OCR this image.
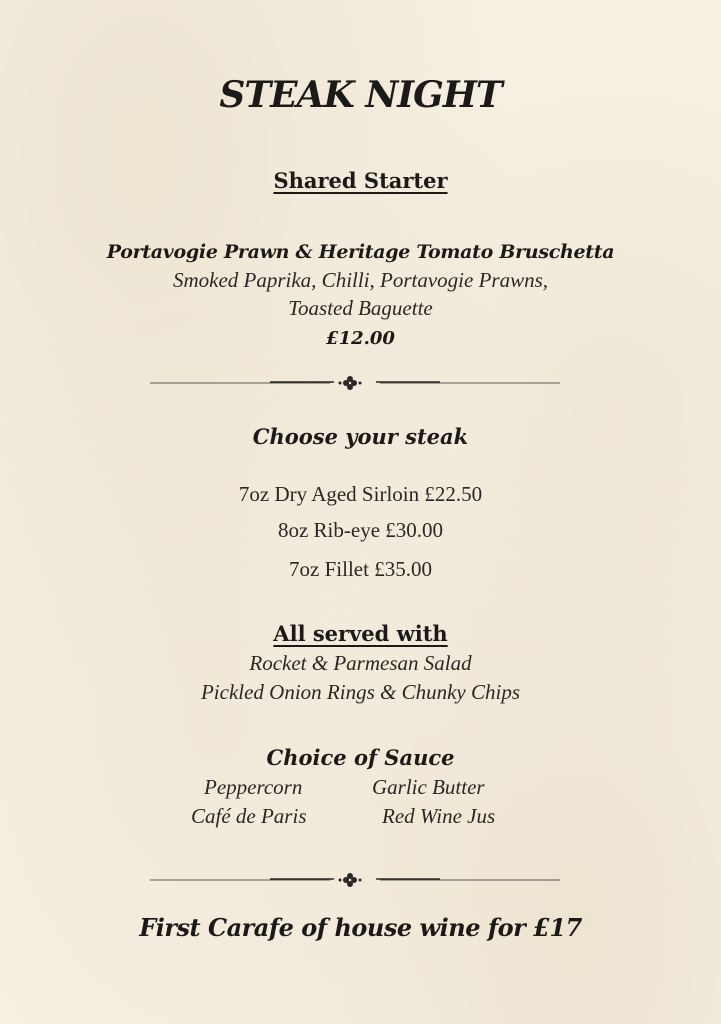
STEAK NIGHT
Shared Starter
Portavogie Prawn & Heritage Tomato Bruschetta
Smoked Paprika, Chilli, Portavogie Prawns,
Toasted Baguette
£12.00
Choose your steak
7oz Dry Aged Sirloin £22.50
8oz Rib-eye £30.00
7oz Fillet £35.00
All served with
Rocket & Parmesan Salad
Pickled Onion Rings & Chunky Chips
Choice of Sauce
Peppercorn	Garlic Butter
Café de Paris	Red Wine Jus
First Carafe of house wine for £17
